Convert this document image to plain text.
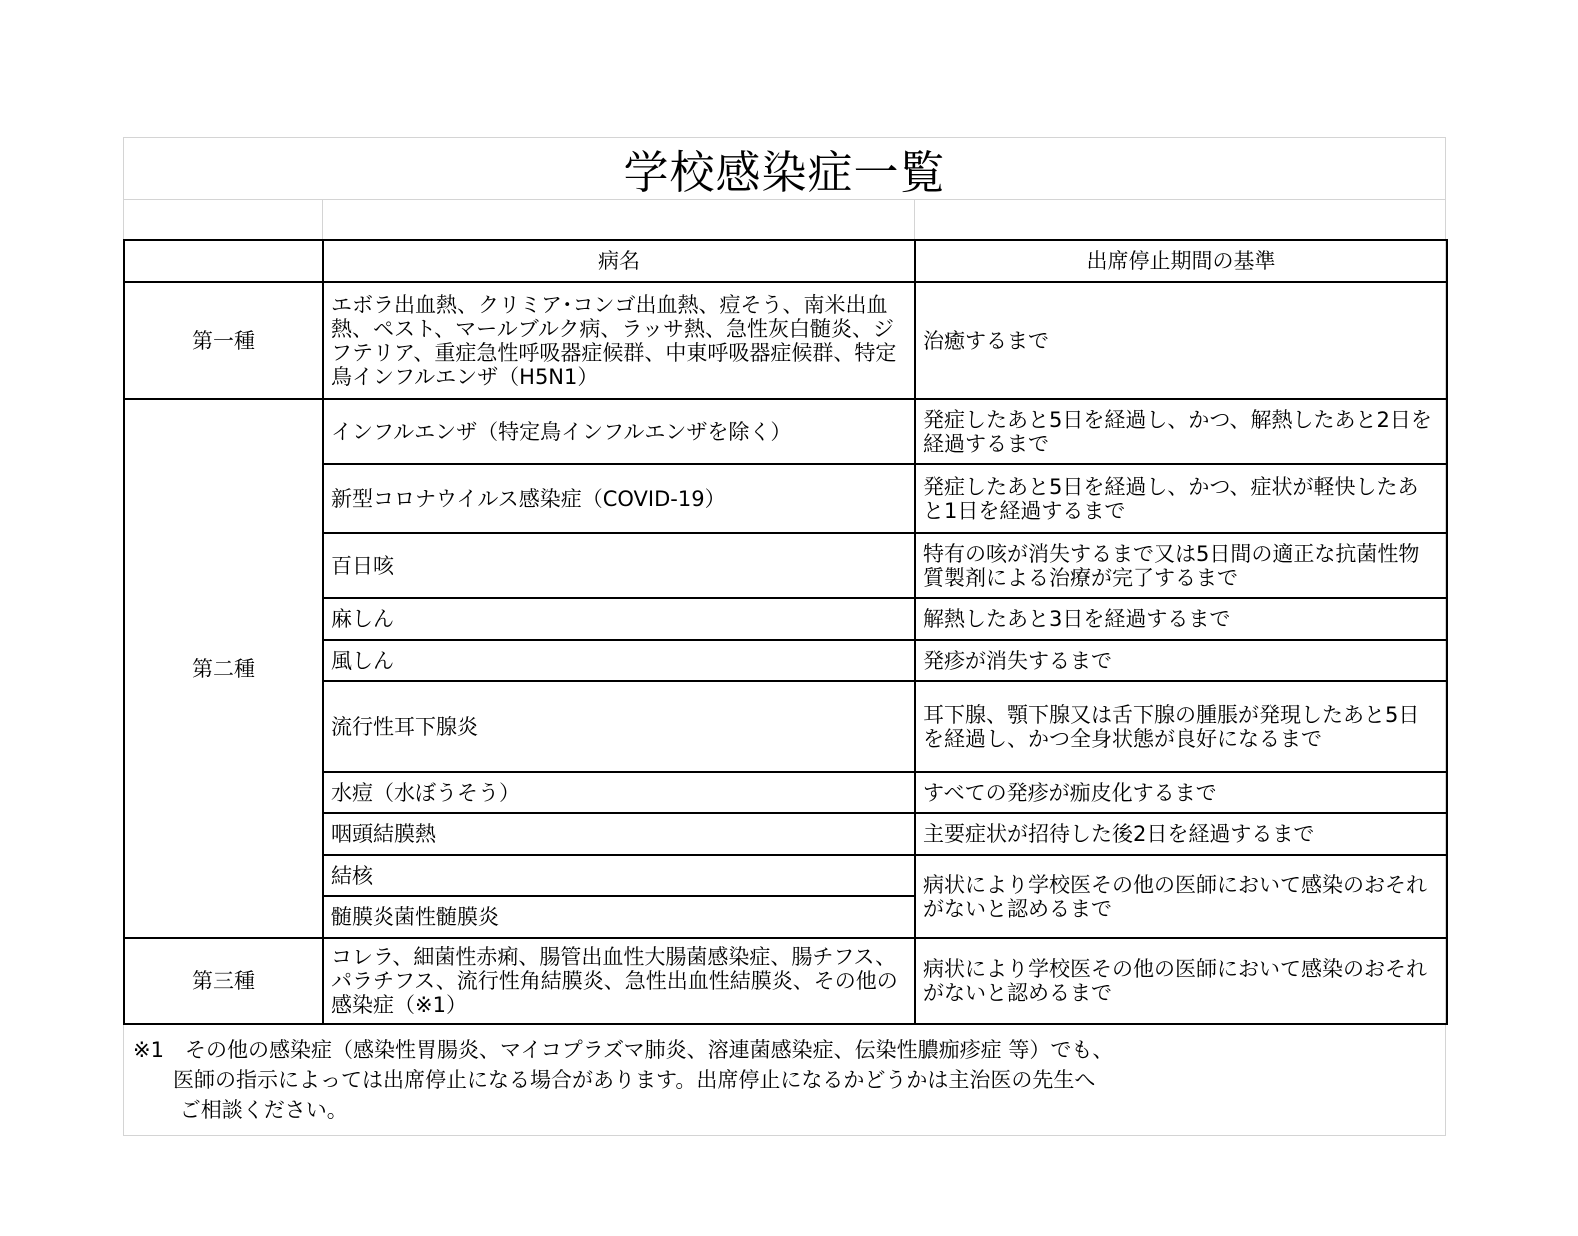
学校感染症一覧
	病名	出席停止期間の基準
第一種	エボラ出血熱、クリミア･コンゴ出血熱、痘そう、南米出血熱、ペスト、マールブルク病、ラッサ熱、急性灰白髄炎、ジフテリア、重症急性呼吸器症候群、中東呼吸器症候群、特定鳥インフルエンザ（H5N1）	治癒するまで
第二種	インフルエンザ（特定鳥インフルエンザを除く）	発症したあと5日を経過し、かつ、解熱したあと2日を経過するまで
	新型コロナウイルス感染症（COVID-19）	発症したあと5日を経過し、かつ、症状が軽快したあと1日を経過するまで
	百日咳	特有の咳が消失するまで又は5日間の適正な抗菌性物質製剤による治療が完了するまで
	麻しん	解熱したあと3日を経過するまで
	風しん	発疹が消失するまで
	流行性耳下腺炎	耳下腺、顎下腺又は舌下腺の腫脹が発現したあと5日を経過し、かつ全身状態が良好になるまで
	水痘（水ぼうそう）	すべての発疹が痂皮化するまで
	咽頭結膜熱	主要症状が招待した後2日を経過するまで
	結核	病状により学校医その他の医師において感染のおそれがないと認めるまで
	髄膜炎菌性髄膜炎	
第三種	コレラ、細菌性赤痢、腸管出血性大腸菌感染症、腸チフス、パラチフス、流行性角結膜炎、急性出血性結膜炎、その他の感染症（※1）	病状により学校医その他の医師において感染のおそれがないと認めるまで
※1　その他の感染症（感染性胃腸炎、マイコプラズマ肺炎、溶連菌感染症、伝染性膿痂疹症 等）でも、
医師の指示によっては出席停止になる場合があります。出席停止になるかどうかは主治医の先生へ
ご相談ください。
